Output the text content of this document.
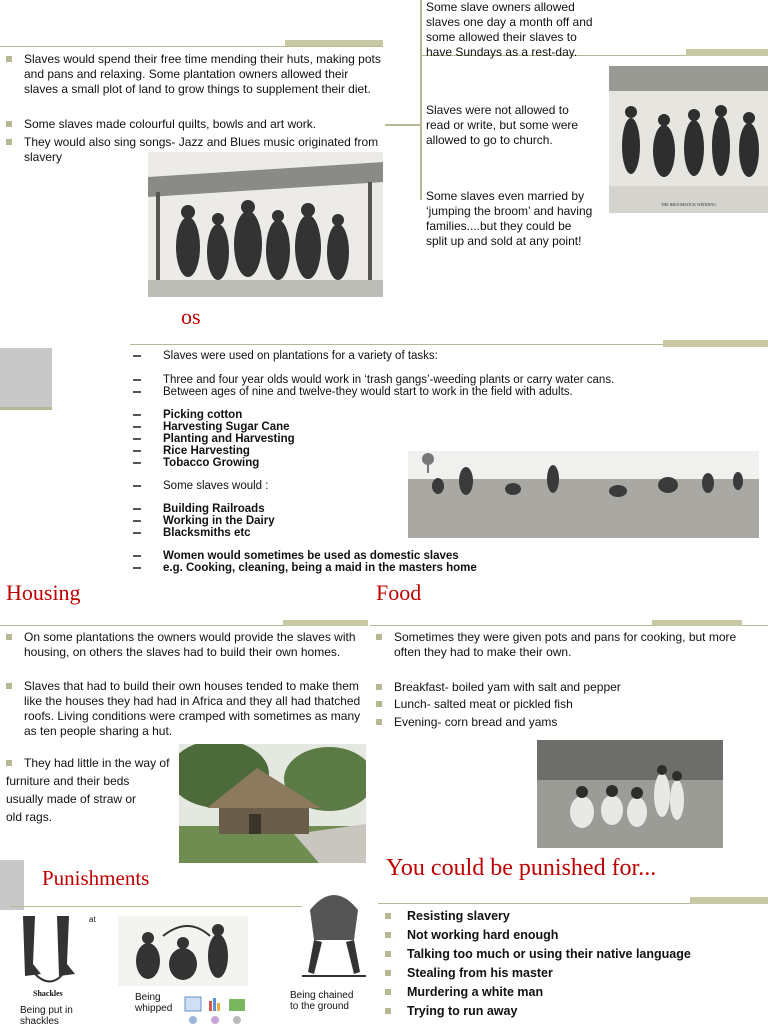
Slaves would spend their free time mending their huts, making pots and pans and relaxing. Some plantation owners allowed their slaves a small plot of land to grow things to supplement their diet.
Some slaves made colourful quilts, bowls and art work.
They would also sing songs- Jazz and Blues music originated from slavery
Some slave owners allowed slaves one day a month off and some allowed their slaves to have Sundays as a rest-day.
Slaves were not allowed to read or write, but some were allowed to go to church.
Some slaves even married by ‘jumping the broom’ and having families....but they could be split up and sold at any point!
THE BROOMSTICK WEDDING
os
Slaves were used on plantations for a variety of tasks:
Three and four year olds would work in ‘trash gangs’-weeding plants or carry water cans.
Between ages of nine and twelve-they would start to work in the field with adults.
Picking cotton
Harvesting Sugar Cane
Planting and Harvesting
Rice Harvesting
Tobacco Growing
Some slaves would :
Building Railroads
Working in the Dairy
Blacksmiths etc
Women would sometimes be used as domestic slaves
e.g. Cooking, cleaning, being a maid in the masters home
Housing
On some plantations the owners would provide the slaves with housing, on others the slaves had to build their own homes.
Slaves that had to build their own houses tended to make them like the houses they had had in Africa and they all had thatched roofs. Living conditions were cramped with sometimes as many as ten people sharing a hut.
They had little in the way of
furniture and their beds
usually made of straw or
old rags.
Food
Sometimes they were given pots and pans for cooking, but more often they had to make their own.
Breakfast- boiled yam with salt and pepper
Lunch- salted meat or pickled fish
Evening- corn bread and yams
Punishments
at
Shackles
Being put in shackles
Being whipped
Being chained to the ground
You could be punished for...
Resisting slavery
Not working hard enough
Talking too much or using their native language
Stealing from his master
Murdering a white man
Trying to run away
